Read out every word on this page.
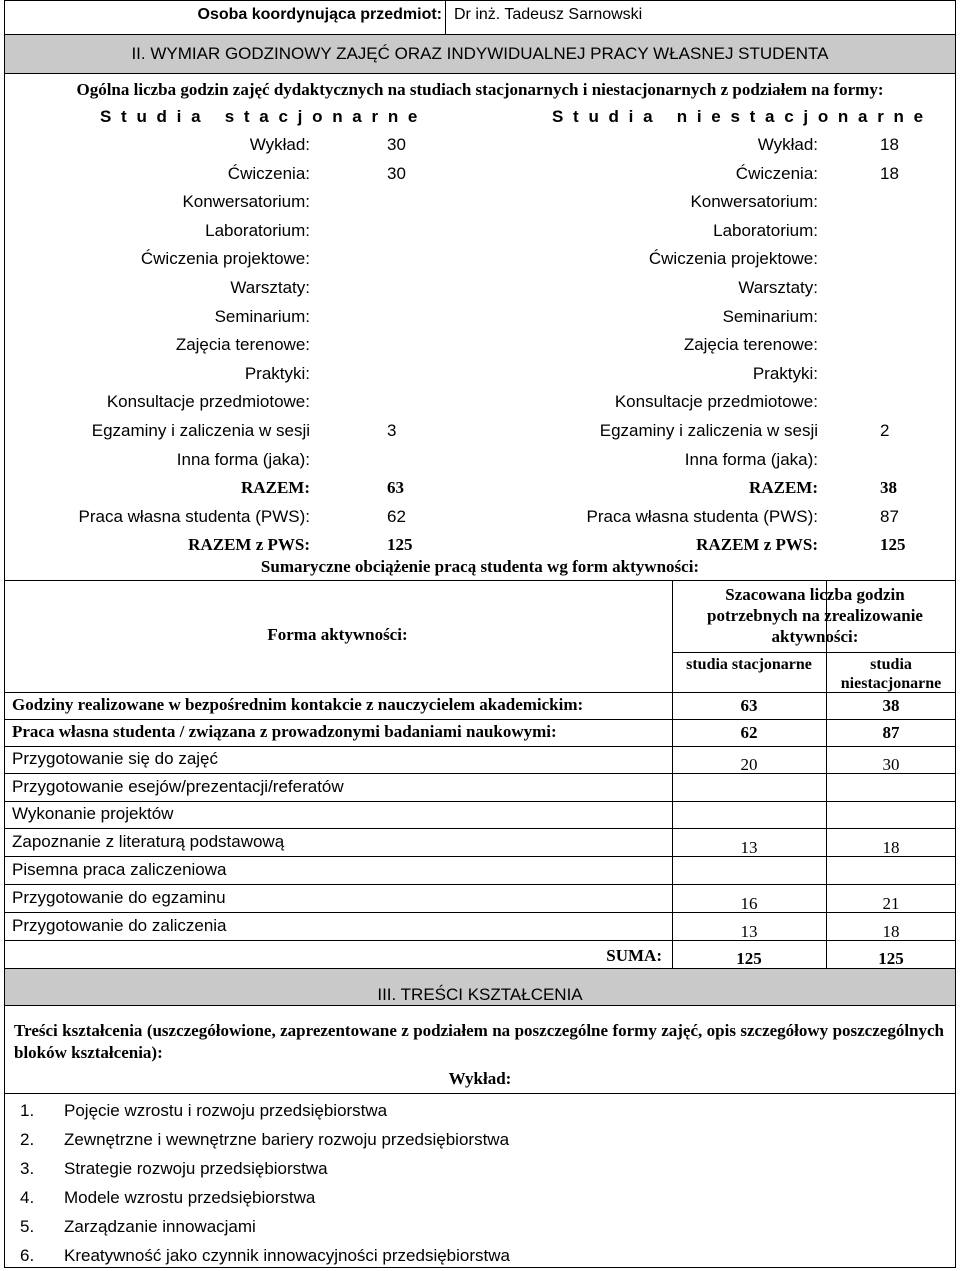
Osoba koordynująca przedmiot: Dr inż. Tadeusz Sarnowski
II. WYMIAR GODZINOWY ZAJĘĆ ORAZ INDYWIDUALNEJ PRACY WŁASNEJ STUDENTA
Ogólna liczba godzin zajęć dydaktycznych na studiach stacjonarnych i niestacjonarnych z podziałem na formy:
S t u d i a   s t a c j o n a r n e	S t u d i a   n i e s t a c j o n a r n e
Wykład:	30	Wykład:	18
Ćwiczenia:	30	Ćwiczenia:	18
Konwersatorium:	Konwersatorium:
Laboratorium:	Laboratorium:
Ćwiczenia projektowe:	Ćwiczenia projektowe:
Warsztaty:	Warsztaty:
Seminarium:	Seminarium:
Zajęcia terenowe:	Zajęcia terenowe:
Praktyki:	Praktyki:
Konsultacje przedmiotowe:	Konsultacje przedmiotowe:
Egzaminy i zaliczenia w sesji	3	Egzaminy i zaliczenia w sesji	2
Inna forma (jaka):	Inna forma (jaka):
RAZEM:	63	RAZEM:	38
Praca własna studenta (PWS):	62	Praca własna studenta (PWS):	87
RAZEM z PWS:	125	RAZEM z PWS:	125
Sumaryczne obciążenie pracą studenta wg form aktywności:
Forma aktywności:
Szacowana liczba godzin potrzebnych na zrealizowanie aktywności:
studia stacjonarne	studia niestacjonarne
Godziny realizowane w bezpośrednim kontakcie z nauczycielem akademickim:	63	38
Praca własna studenta / związana z prowadzonymi badaniami naukowymi:	62	87
Przygotowanie się do zajęć	20	30
Przygotowanie esejów/prezentacji/referatów
Wykonanie projektów
Zapoznanie z literaturą podstawową	13	18
Pisemna praca zaliczeniowa
Przygotowanie do egzaminu	16	21
Przygotowanie do zaliczenia	13	18
SUMA:	125	125
III. TREŚCI KSZTAŁCENIA
Treści kształcenia (uszczegółowione, zaprezentowane z podziałem na poszczególne formy zajęć, opis szczegółowy poszczególnych bloków kształcenia):
Wykład:
1. Pojęcie wzrostu i rozwoju przedsiębiorstwa
2. Zewnętrzne i wewnętrzne bariery rozwoju przedsiębiorstwa
3. Strategie rozwoju przedsiębiorstwa
4. Modele wzrostu przedsiębiorstwa
5. Zarządzanie innowacjami
6. Kreatywność jako czynnik innowacyjności przedsiębiorstwa
